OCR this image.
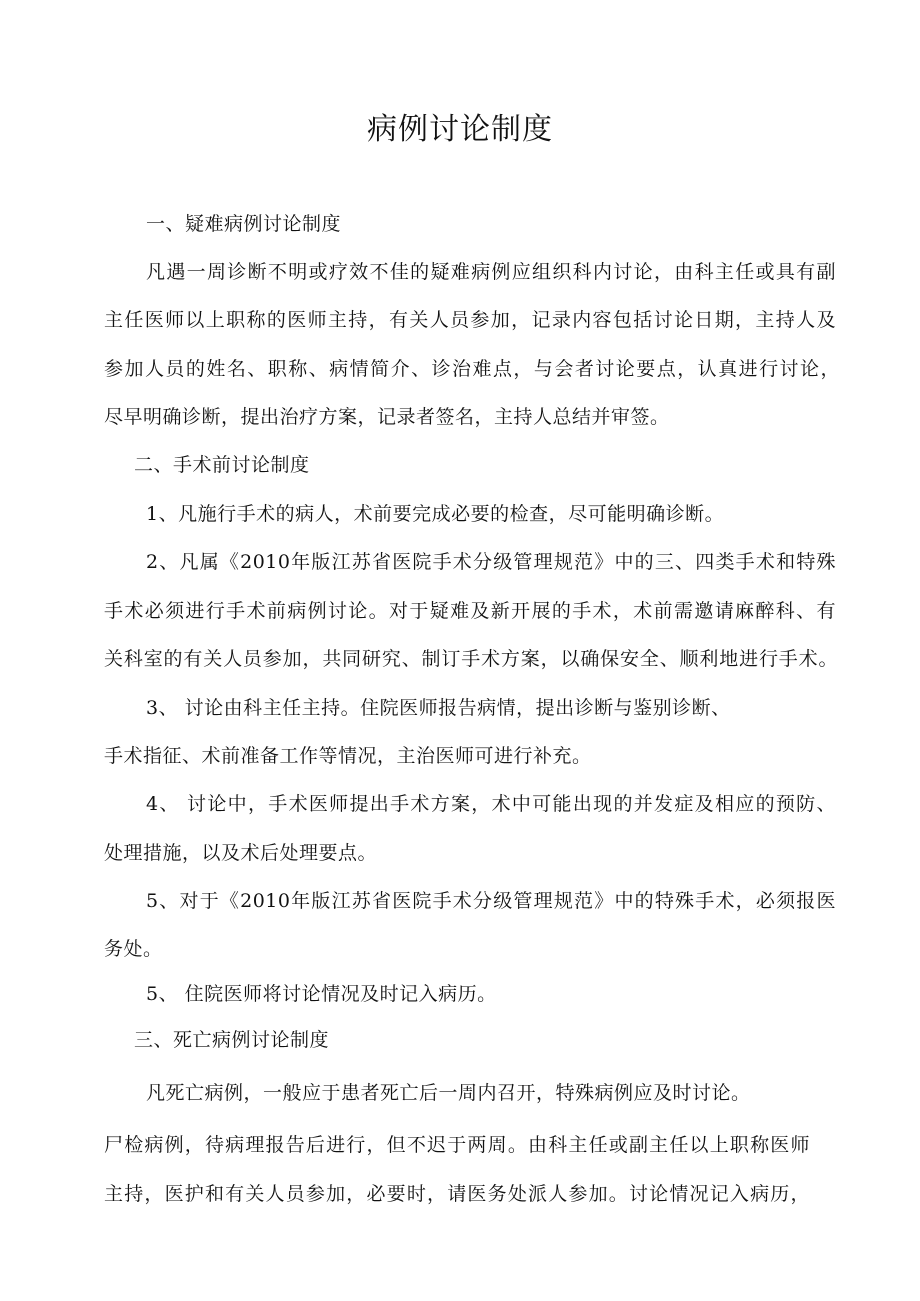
病例讨论制度
一、疑难病例讨论制度
凡遇一周诊断不明或疗效不佳的疑难病例应组织科内讨论，由科主任或具有副
主任医师以上职称的医师主持，有关人员参加，记录内容包括讨论日期，主持人及
参加人员的姓名、职称、病情简介、诊治难点，与会者讨论要点，认真进行讨论，
尽早明确诊断，提出治疗方案，记录者签名，主持人总结并审签。
二、手术前讨论制度
1、凡施行手术的病人，术前要完成必要的检查，尽可能明确诊断。
2、凡属《2010年版江苏省医院手术分级管理规范》中的三、四类手术和特殊
手术必须进行手术前病例讨论。对于疑难及新开展的手术，术前需邀请麻醉科、有
关科室的有关人员参加，共同研究、制订手术方案，以确保安全、顺利地进行手术。
3、 讨论由科主任主持。住院医师报告病情，提出诊断与鉴别诊断、
手术指征、术前准备工作等情况，主治医师可进行补充。
4、 讨论中，手术医师提出手术方案，术中可能出现的并发症及相应的预防、
处理措施，以及术后处理要点。
5、对于《2010年版江苏省医院手术分级管理规范》中的特殊手术，必须报医
务处。
5、 住院医师将讨论情况及时记入病历。
三、死亡病例讨论制度
凡死亡病例，一般应于患者死亡后一周内召开，特殊病例应及时讨论。
尸检病例，待病理报告后进行，但不迟于两周。由科主任或副主任以上职称医师
主持，医护和有关人员参加，必要时，请医务处派人参加。讨论情况记入病历，
